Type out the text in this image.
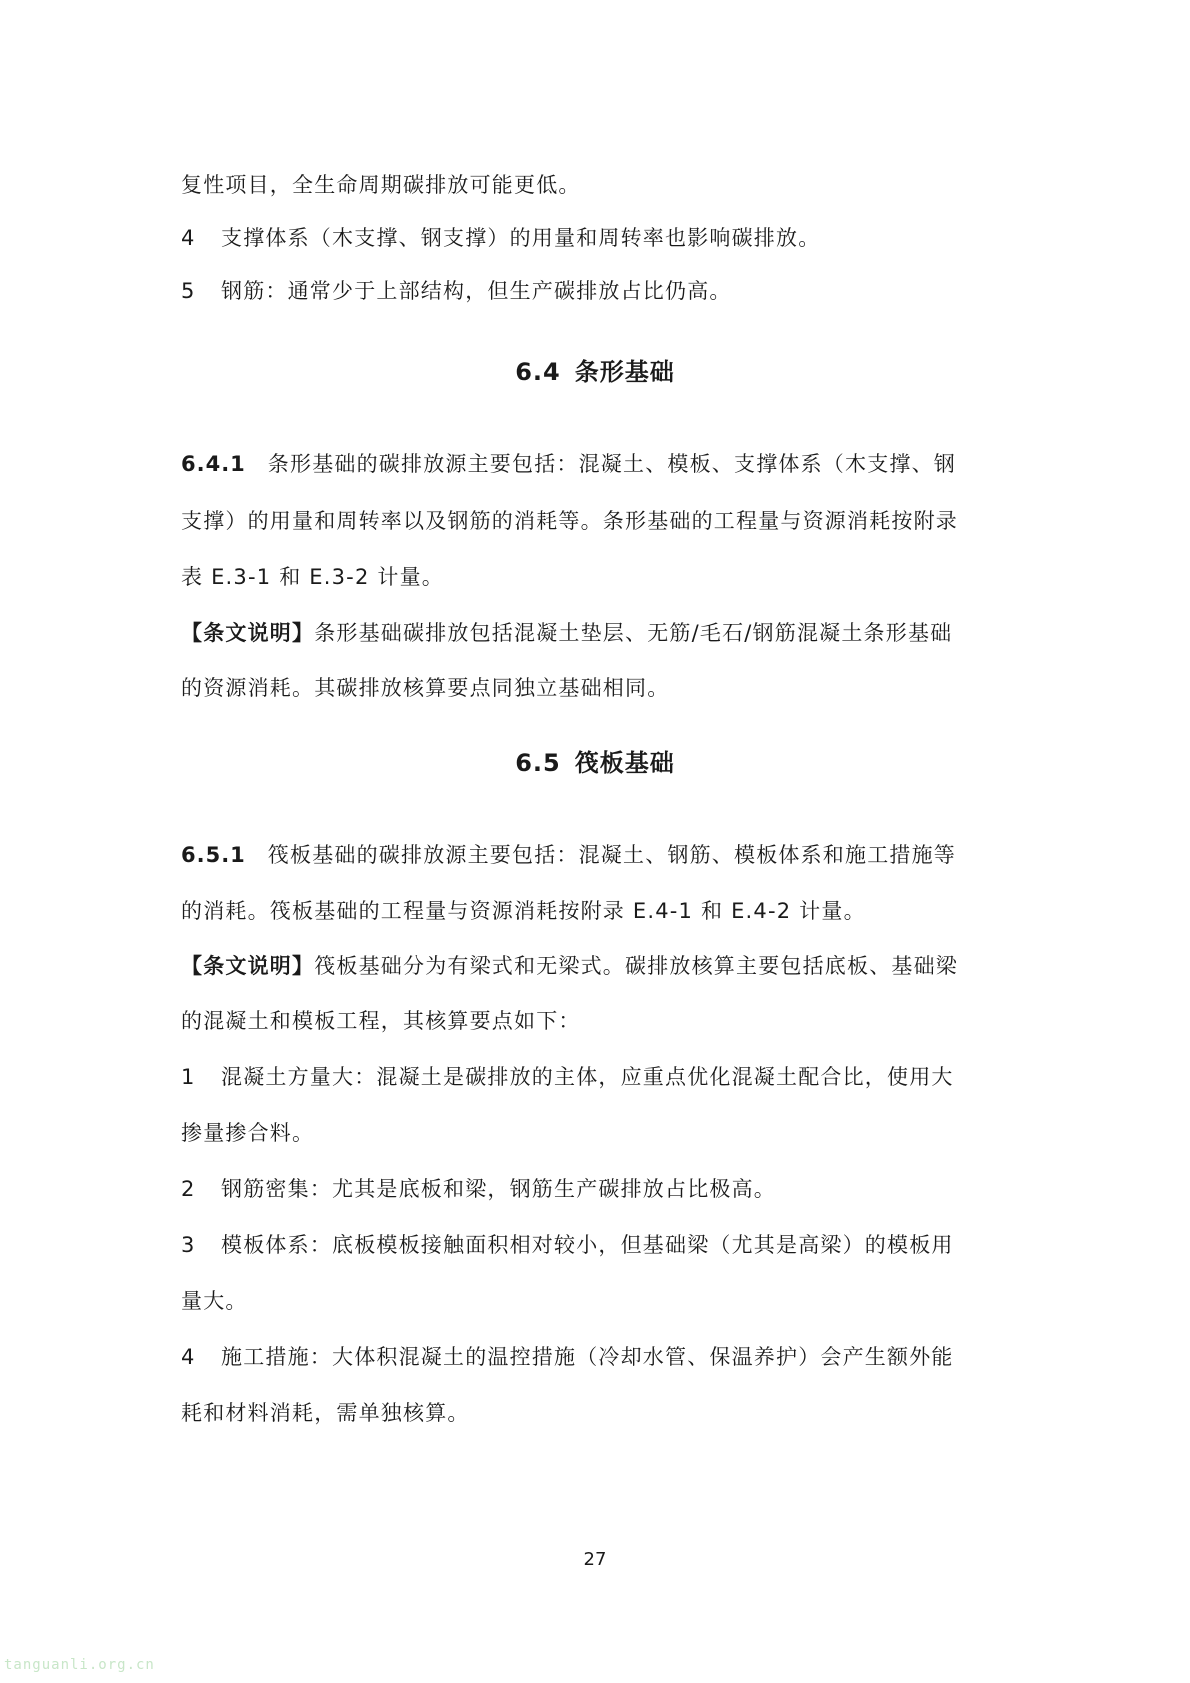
复性项目，全生命周期碳排放可能更低。
4 支撑体系（木支撑、钢支撑）的用量和周转率也影响碳排放。
5 钢筋：通常少于上部结构，但生产碳排放占比仍高。
6.4 条形基础
6.4.1 条形基础的碳排放源主要包括：混凝土、模板、支撑体系（木支撑、钢
支撑）的用量和周转率以及钢筋的消耗等。条形基础的工程量与资源消耗按附录
表 E.3-1 和 E.3-2 计量。
【条文说明】条形基础碳排放包括混凝土垫层、无筋/毛石/钢筋混凝土条形基础
的资源消耗。其碳排放核算要点同独立基础相同。
6.5 筏板基础
6.5.1 筏板基础的碳排放源主要包括：混凝土、钢筋、模板体系和施工措施等
的消耗。筏板基础的工程量与资源消耗按附录 E.4-1 和 E.4-2 计量。
【条文说明】筏板基础分为有梁式和无梁式。碳排放核算主要包括底板、基础梁
的混凝土和模板工程，其核算要点如下：
1 混凝土方量大：混凝土是碳排放的主体，应重点优化混凝土配合比，使用大
掺量掺合料。
2 钢筋密集：尤其是底板和梁，钢筋生产碳排放占比极高。
3 模板体系：底板模板接触面积相对较小，但基础梁（尤其是高梁）的模板用
量大。
4 施工措施：大体积混凝土的温控措施（冷却水管、保温养护）会产生额外能
耗和材料消耗，需单独核算。
27
tanguanli.org.cn
